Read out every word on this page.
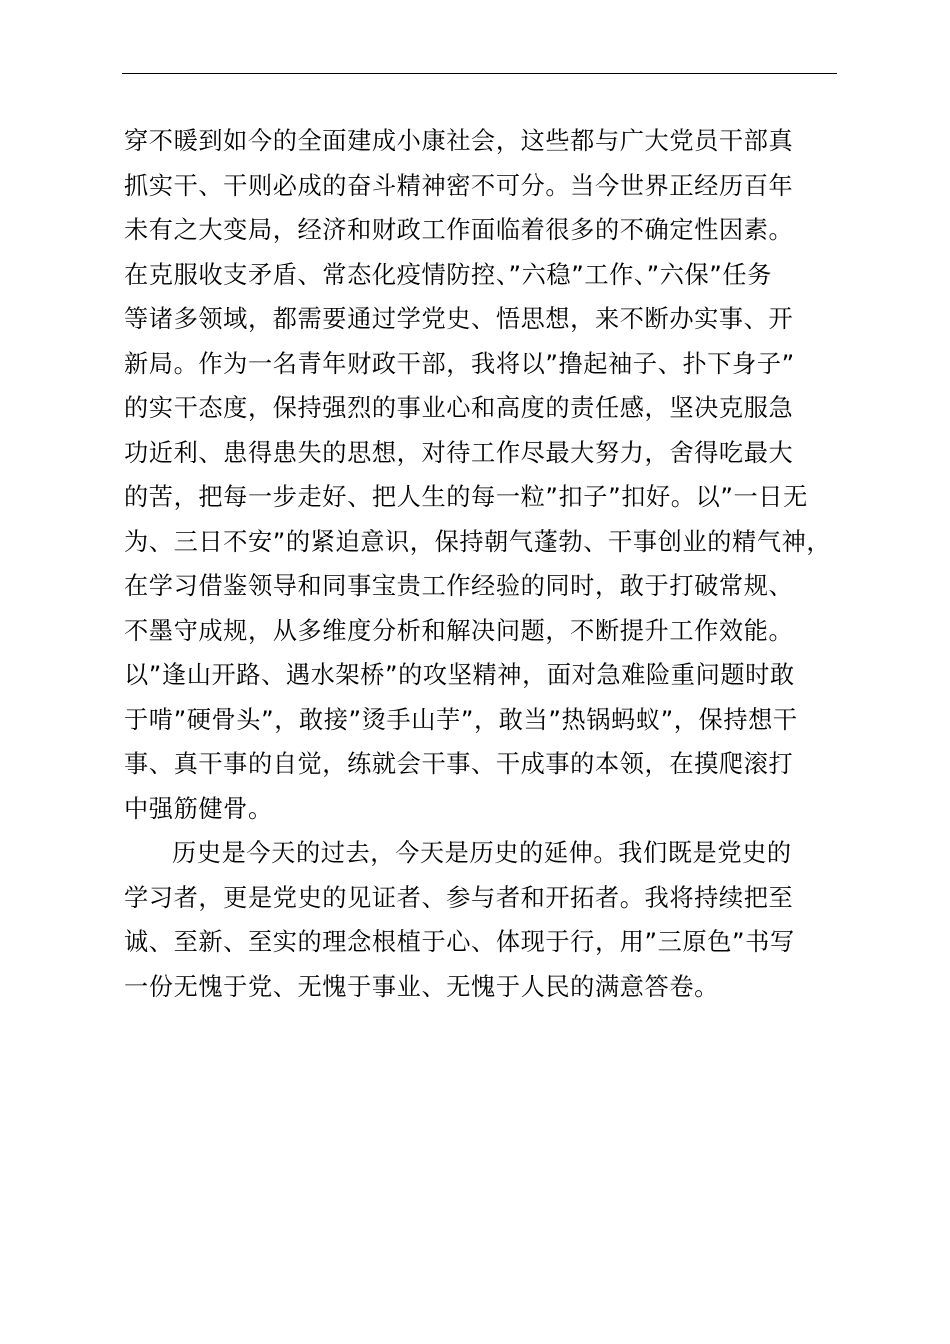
穿不暖到如今的全面建成小康社会，这些都与广大党员干部真
抓实干、干则必成的奋斗精神密不可分。当今世界正经历百年
未有之大变局，经济和财政工作面临着很多的不确定性因素。
在克服收支矛盾、常态化疫情防控、”六稳”工作、”六保”任务
等诸多领域，都需要通过学党史、悟思想，来不断办实事、开
新局。作为一名青年财政干部，我将以”撸起袖子、扑下身子”
的实干态度，保持强烈的事业心和高度的责任感，坚决克服急
功近利、患得患失的思想，对待工作尽最大努力，舍得吃最大
的苦，把每一步走好、把人生的每一粒”扣子”扣好。以”一日无
为、三日不安”的紧迫意识，保持朝气蓬勃、干事创业的精气神，
在学习借鉴领导和同事宝贵工作经验的同时，敢于打破常规、
不墨守成规，从多维度分析和解决问题，不断提升工作效能。
以”逢山开路、遇水架桥”的攻坚精神，面对急难险重问题时敢
于啃”硬骨头”，敢接”烫手山芋”，敢当”热锅蚂蚁”，保持想干
事、真干事的自觉，练就会干事、干成事的本领，在摸爬滚打
中强筋健骨。
历史是今天的过去，今天是历史的延伸。我们既是党史的
学习者，更是党史的见证者、参与者和开拓者。我将持续把至
诚、至新、至实的理念根植于心、体现于行，用”三原色”书写
一份无愧于党、无愧于事业、无愧于人民的满意答卷。
